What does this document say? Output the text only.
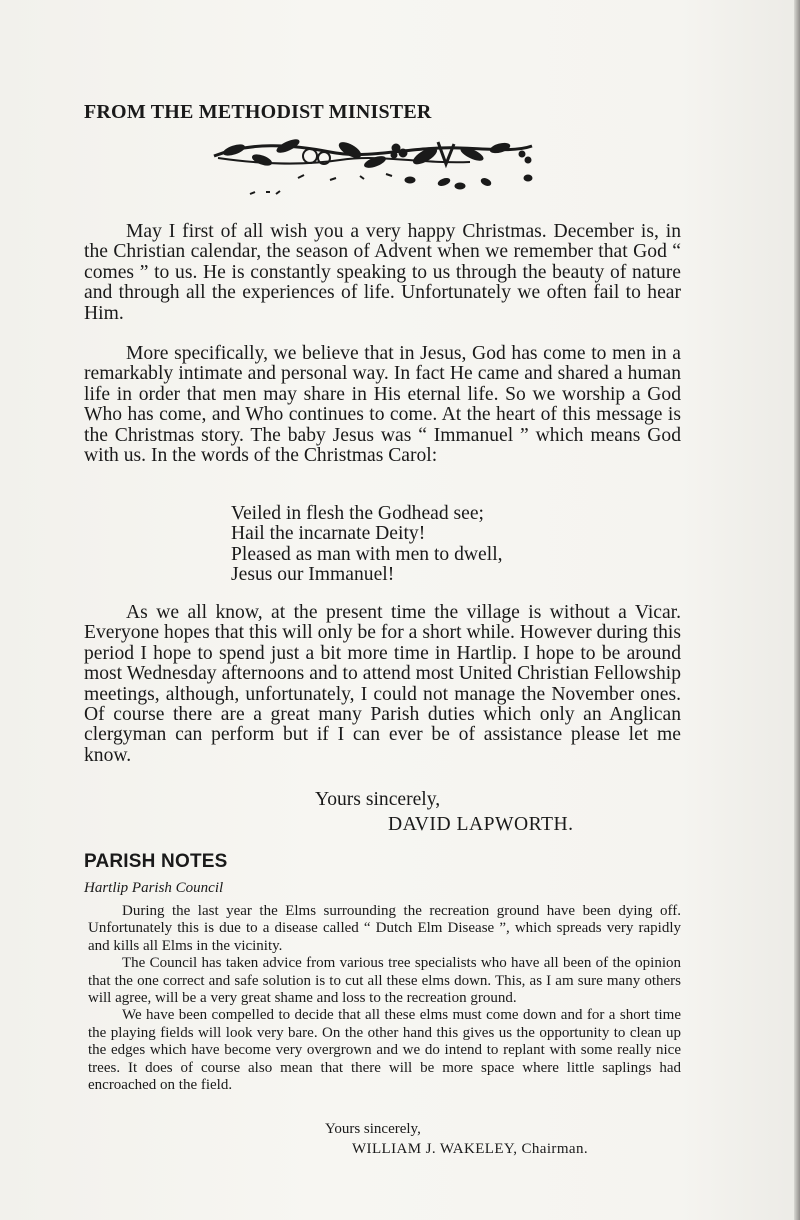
FROM THE METHODIST MINISTER

May I first of all wish you a very happy Christmas. December is, in the Christian calendar, the season of Advent when we remember that God “ comes ” to us. He is constantly speaking to us through the beauty of nature and through all the experiences of life. Unfortunately we often fail to hear Him.

More specifically, we believe that in Jesus, God has come to men in a remarkably intimate and personal way. In fact He came and shared a human life in order that men may share in His eternal life. So we worship a God Who has come, and Who continues to come. At the heart of this message is the Christmas story. The baby Jesus was “ Immanuel ” which means God with us. In the words of the Christmas Carol:

Veiled in flesh the Godhead see;
Hail the incarnate Deity!
Pleased as man with men to dwell,
Jesus our Immanuel!

As we all know, at the present time the village is without a Vicar. Everyone hopes that this will only be for a short while. However during this period I hope to spend just a bit more time in Hartlip. I hope to be around most Wednesday afternoons and to attend most United Christian Fellowship meetings, although, unfortunately, I could not manage the November ones. Of course there are a great many Parish duties which only an Anglican clergyman can perform but if I can ever be of assistance please let me know.

Yours sincerely,
DAVID LAPWORTH.
PARISH NOTES
Hartlip Parish Council

During the last year the Elms surrounding the recreation ground have been dying off. Unfortunately this is due to a disease called “ Dutch Elm Disease ”, which spreads very rapidly and kills all Elms in the vicinity.

The Council has taken advice from various tree specialists who have all been of the opinion that the one correct and safe solution is to cut all these elms down. This, as I am sure many others will agree, will be a very great shame and loss to the recreation ground.

We have been compelled to decide that all these elms must come down and for a short time the playing fields will look very bare. On the other hand this gives us the opportunity to clean up the edges which have become very overgrown and we do intend to replant with some really nice trees. It does of course also mean that there will be more space where little saplings had encroached on the field.

Yours sincerely,
WILLIAM J. WAKELEY, Chairman.
